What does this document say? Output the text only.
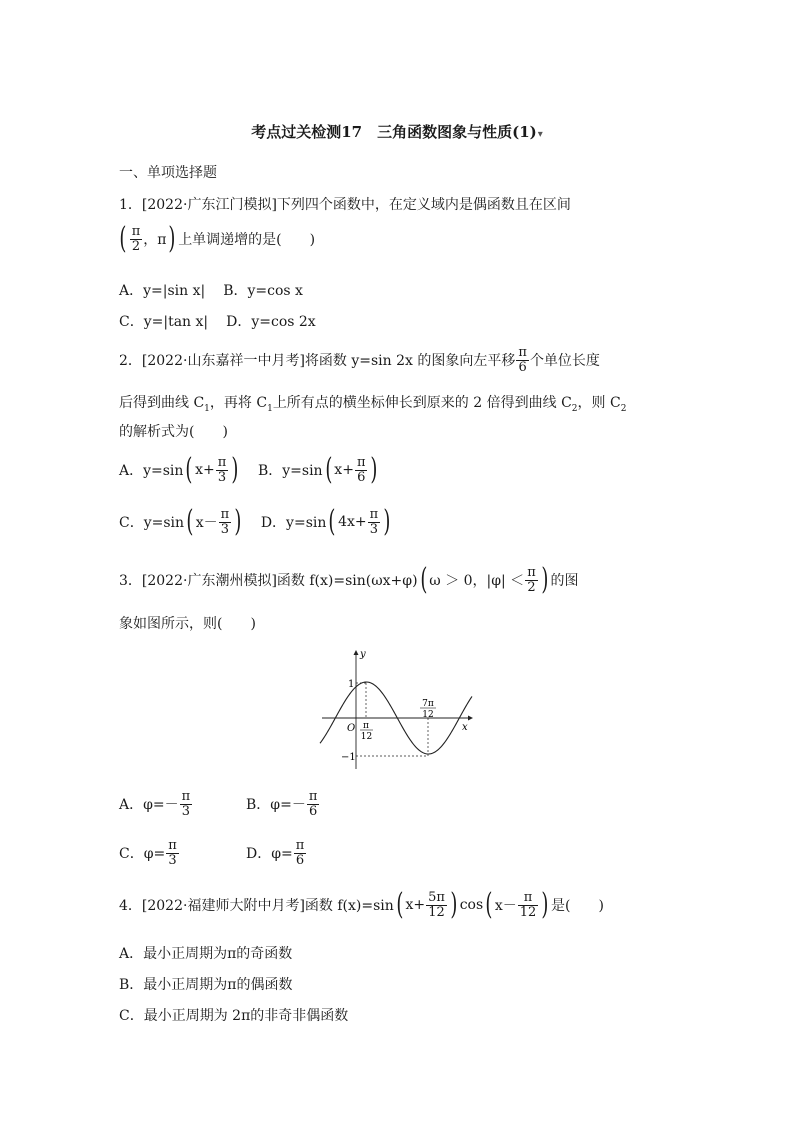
考点过关检测17　三角函数图象与性质(1)▾
一、单项选择题
1．[2022·广东江门模拟]下列四个函数中，在定义域内是偶函数且在区间
( $\frac{\pi}{2}$ ，π) 上单调递增的是(　　)
A．y=|sin x| B．y=cos x
C．y=|tan x| D．y=cos 2x
2．[2022·山东嘉祥一中月考]将函数 y=sin 2x 的图象向左平移 $\frac{\pi}{6}$ 个单位长度
后得到曲线 $C_1$，再将 $C_1$上所有点的横坐标伸长到原来的 2 倍得到曲线 $C_2$，则 $C_2$
的解析式为(　　)
A．y=sin( $x+ \frac{\pi}{3}$ ) B．y=sin( $x+ \frac{\pi}{6}$ )
C．y=sin( $x- \frac{\pi}{3}$ ) D．y=sin( $4x+ \frac{\pi}{3}$ )
3．[2022·广东潮州模拟]函数 f(x)=sin(ωx+φ)( ω ＞ 0，$|\varphi| < \frac{\pi}{2}$ ) 的图
象如图所示，则(　　)
y
x
O
1
−1
π
12
7π
12
A．$\varphi=- \frac{\pi}{3}$	B．$\varphi=- \frac{\pi}{6}$
C．$\varphi= \frac{\pi}{3}$	D．$\varphi= \frac{\pi}{6}$
4．[2022·福建师大附中月考]函数 f(x)=sin( $x+ \frac{5\pi}{12}$ ) cos( $x- \frac{\pi}{12}$ ) 是(　　)
A．最小正周期为π的奇函数
B．最小正周期为π的偶函数
C．最小正周期为 2π的非奇非偶函数
